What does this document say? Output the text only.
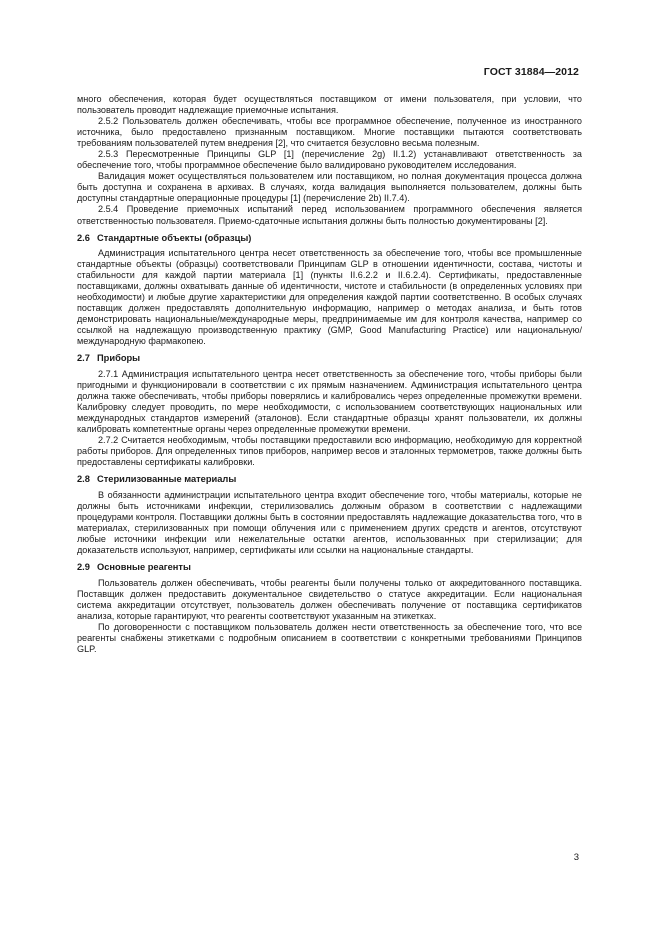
ГОСТ 31884—2012

много обеспечения, которая будет осуществляться поставщиком от имени пользователя, при условии, что пользователь проводит надлежащие приемочные испытания.

2.5.2 Пользователь должен обеспечивать, чтобы все программное обеспечение, полученное из иностранного источника, было предоставлено признанным поставщиком. Многие поставщики пытаются соответствовать требованиям пользователей путем внедрения [2], что считается безусловно весьма полезным.

2.5.3 Пересмотренные Принципы GLP [1] (перечисление 2g) II.1.2) устанавливают ответственность за обеспечение того, чтобы программное обеспечение было валидировано руководителем исследования.

Валидация может осуществляться пользователем или поставщиком, но полная документация процесса должна быть доступна и сохранена в архивах. В случаях, когда валидация выполняется пользователем, должны быть доступны стандартные операционные процедуры [1] (перечисление 2b) II.7.4).

2.5.4 Проведение приемочных испытаний перед использованием программного обеспечения является ответственностью пользователя. Приемо-сдаточные испытания должны быть полностью документированы [2].

2.6 Стандартные объекты (образцы)

Администрация испытательного центра несет ответственность за обеспечение того, чтобы все промышленные стандартные объекты (образцы) соответствовали Принципам GLP в отношении идентичности, состава, чистоты и стабильности для каждой партии материала [1] (пункты II.6.2.2 и II.6.2.4). Сертификаты, предоставленные поставщиками, должны охватывать данные об идентичности, чистоте и стабильности (в определенных условиях при необходимости) и любые другие характеристики для определения каждой партии соответственно. В особых случаях поставщик должен предоставлять дополнительную информацию, например о методах анализа, и быть готов демонстрировать национальные/международные меры, предпринимаемые им для контроля качества, например со ссылкой на надлежащую производственную практику (GMP, Good Manufacturing Practice) или национальную/международную фармакопею.

2.7 Приборы

2.7.1 Администрация испытательного центра несет ответственность за обеспечение того, чтобы приборы были пригодными и функционировали в соответствии с их прямым назначением. Администрация испытательного центра должна также обеспечивать, чтобы приборы поверялись и калибровались через определенные промежутки времени. Калибровку следует проводить, по мере необходимости, с использованием соответствующих национальных или международных стандартов измерений (эталонов). Если стандартные образцы хранят пользователи, их должны калибровать компетентные органы через определенные промежутки времени.

2.7.2 Считается необходимым, чтобы поставщики предоставили всю информацию, необходимую для корректной работы приборов. Для определенных типов приборов, например весов и эталонных термометров, также должны быть предоставлены сертификаты калибровки.

2.8 Стерилизованные материалы

В обязанности администрации испытательного центра входит обеспечение того, чтобы материалы, которые не должны быть источниками инфекции, стерилизовались должным образом в соответствии с надлежащими процедурами контроля. Поставщики должны быть в состоянии предоставлять надлежащие доказательства того, что в материалах, стерилизованных при помощи облучения или с применением других средств и агентов, отсутствуют любые источники инфекции или нежелательные остатки агентов, использованных при стерилизации; для доказательств используют, например, сертификаты или ссылки на национальные стандарты.

2.9 Основные реагенты

Пользователь должен обеспечивать, чтобы реагенты были получены только от аккредитованного поставщика. Поставщик должен предоставить документальное свидетельство о статусе аккредитации. Если национальная система аккредитации отсутствует, пользователь должен обеспечивать получение от поставщика сертификатов анализа, которые гарантируют, что реагенты соответствуют указанным на этикетках.

По договоренности с поставщиком пользователь должен нести ответственность за обеспечение того, что все реагенты снабжены этикетками с подробным описанием в соответствии с конкретными требованиями Принципов GLP.

3
